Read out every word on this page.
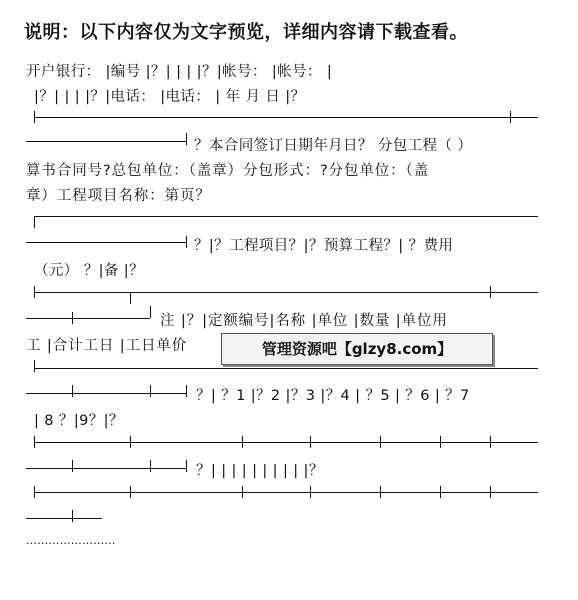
说明：以下内容仅为文字预览，详细内容请下载查看。
开户银行： |编号 |？| | | |？|帐号： |帐号： |
|？| | | |？|电话： |电话： | 年 月 日 |？
？本合同签订日期年月日？ 分包工程（ ）
算书合同号?总包单位：（盖章）分包形式：?分包单位：（盖
章）工程项目名称：第页？
？|？工程项目？|？预算工程？| ？费用
（元） ？|备 |？
注 |？|定额编号|名称 |单位 |数量 |单位用
工 |合计工日 |工日单价
？| ？1 |？2 |？3 |？4 | ？5 | ？6 | ？7
| 8 ？|9？|？
？| | | | | | | | | |？
……………………
管理资源吧【glzy8.com】
